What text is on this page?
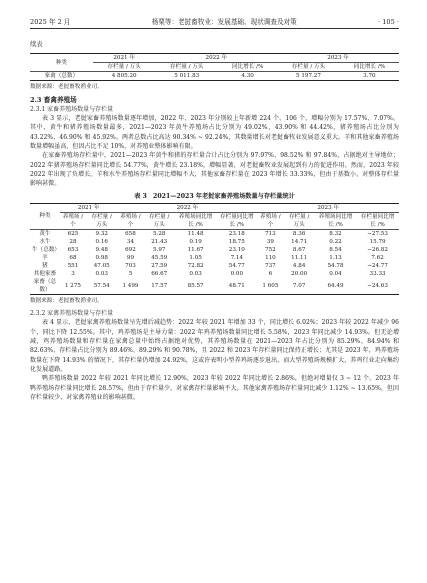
2025 年 2 月	杨栗等：老挝畜牧业：发展基础、现状调查及对策	· 105 ·
续表
种类	2021 年	2022 年		2023 年	
	存栏量 / 万头	存栏量 / 万头	同比增长 /%	存栏量 / 万头	同比增长 /%
家禽（总数）	4 805.20	5 011.83	4.30	5 197.27	3.70
数据来源：老挝畜牧渔业司。
2.3 畜禽养殖场
2.3.1 家畜养殖场数量与存栏量

表 3 显示，老挝家畜养殖场数量逐年增加，2022 年、2023 年分别较上年新增 224 个、106 个，增幅分别为 17.57%、7.07%。其中，黄牛和猪养殖场数量最多，2021—2023 年黄牛养殖场占比分别为 49.02%、43.90% 和 44.42%，猪养殖场占比分别为 43.22%、46.90% 和 45.92%。两者总数占比高达 90.34% ~ 92.24%，其数量增长对老挝畜牧业发展意义重大。羊和其他家畜养殖场数量增幅虽高，但因占比不足 10%，对养殖业整体影响有限。

在家畜养殖场存栏量中，2021—2023 年黄牛和猪的存栏量合计占比分别为 97.97%、98.52% 和 97.84%，占据绝对主导地位；2022 年猪养殖场存栏量同比增长 54.77%，黄牛增长 23.18%，增幅显著，对老挝畜牧业发展起到有力的促进作用。然而，2023 年较 2022 年出现了负增长。羊和水牛养殖场存栏量同比增幅不大，其他家畜存栏量在 2023 年增长 33.33%，但由于基数小，对整体存栏量影响甚微。

表 3　2021—2023 年老挝家畜养殖场数量与存栏量统计
种类	2021 年		2022 年				2023 年			
	养殖场 / 个	存栏量 / 万头	养殖场 / 个	存栏量 / 万头	养殖场同比增长 /%	存栏量同比增长 /%	养殖场 / 个	存栏量 / 万头	养殖场同比增长 /%	存栏量同比增长 /%
黄牛	625	9.32	658	5.28	11.48	23.18	713	8.36	8.32	−27.53
水牛	28	0.16	34	21.43	0.19	18.75	39	14.71	0.22	15.79
牛（总数）	653	9.48	692	5.97	11.67	23.10	752	8.67	8.54	−26.82
羊	68	0.98	99	45.59	1.05	7.14	110	11.11	1.13	7.62
猪	551	47.05	703	27.59	72.82	54.77	737	4.84	54.78	−24.77
其他家畜	3	0.03	5	66.67	0.03	0.00	6	20.00	0.04	33.33
家畜（总数）	1 275	57.54	1 499	17.57	85.57	48.71	1 605	7.07	64.49	−24.63
数据来源：老挝畜牧渔业司。
2.3.2 家禽养殖场数量与存栏量

表 4 显示，老挝家禽养殖场数量呈先增后减趋势：2022 年较 2021 年增加 33 个，同比增长 6.02%；2023 年较 2022 年减少 96 个，同比下降 12.55%。其中，鸡养殖场是主导力量：2022 年鸡养殖场数量同比增长 5.58%，2023 年同比减少 14.93%。但无论增减，鸡养殖场数量和存栏量在家禽总量中始终占据绝对优势，其养殖场数量在 2021—2023 年占比分别为 85.29%、84.94% 和 82.63%，存栏量占比分别为 89.46%、89.29% 和 90.78%，且 2022 和 2023 年存栏量同比保持正增长；尤其是 2023 年，鸡养殖场数量在下降 14.93% 的情况下，其存栏量仍增加 24.92%，这或许表明小型养鸡场逐步退出，而大型养殖场规模扩大，养鸡行业走向集约化发展道路。

鸭养殖场数量 2022 年较 2021 年同比增长 12.90%，2023 年较 2022 年同比增长 2.86%，但绝对增量仅 3 ~ 12 个。2023 年鸭养殖场存栏量同比增长 28.57%，但由于存栏量少，对家禽存栏量影响不大。其他家禽养殖场存栏量同比减少 1.12% ~ 13.65%，但因存栏量较少，对家禽养殖业的影响甚微。
